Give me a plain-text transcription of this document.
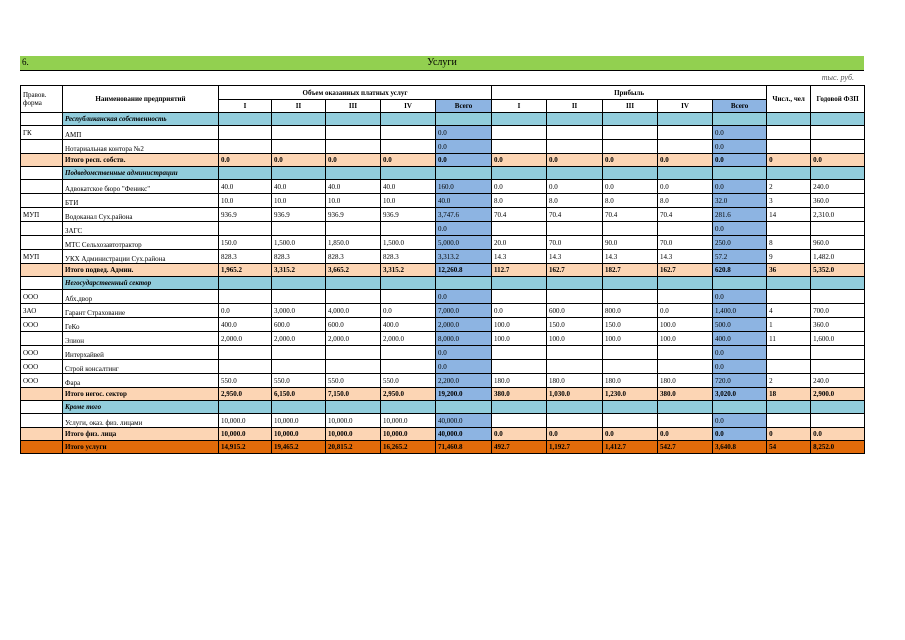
6.	Услуги
тыс. руб.
Правов. форма	Наименование предприятий	Объем оказанных платных услуг					Прибыль					Числ., чел	Годовой ФЗП
		I	II	III	IV	Всего	I	II	III	IV	Всего		
	Республиканская собственность												
ГК	АМП					0.0					0.0		
	Нотариальная контора №2					0.0					0.0		
	Итого респ. собств.	0.0	0.0	0.0	0.0	0.0	0.0	0.0	0.0	0.0	0.0	0	0.0
	Подведомственные администрации												
	Адвокатское бюро "Феникс"	40.0	40.0	40.0	40.0	160.0	0.0	0.0	0.0	0.0	0.0	2	240.0
	БТИ	10.0	10.0	10.0	10.0	40.0	8.0	8.0	8.0	8.0	32.0	3	360.0
МУП	Водоканал Сух.района	936.9	936.9	936.9	936.9	3,747.6	70.4	70.4	70.4	70.4	281.6	14	2,310.0
	ЗАГС					0.0					0.0		
	МТС Сельхозавтотрактор	150.0	1,500.0	1,850.0	1,500.0	5,000.0	20.0	70.0	90.0	70.0	250.0	8	960.0
МУП	УКХ Администрации Сух.района	828.3	828.3	828.3	828.3	3,313.2	14.3	14.3	14.3	14.3	57.2	9	1,482.0
	Итого подвед. Админ.	1,965.2	3,315.2	3,665.2	3,315.2	12,260.8	112.7	162.7	182.7	162.7	620.8	36	5,352.0
	Негосударственный сектор												
ООО	Абх.двор					0.0					0.0		
ЗАО	Гарант Страхование	0.0	3,000.0	4,000.0	0.0	7,000.0	0.0	600.0	800.0	0.0	1,400.0	4	700.0
ООО	ГеКо	400.0	600.0	600.0	400.0	2,000.0	100.0	150.0	150.0	100.0	500.0	1	360.0
	Элион	2,000.0	2,000.0	2,000.0	2,000.0	8,000.0	100.0	100.0	100.0	100.0	400.0	11	1,600.0
ООО	Интерхайвей					0.0					0.0		
ООО	Строй консалтинг					0.0					0.0		
ООО	Фара	550.0	550.0	550.0	550.0	2,200.0	180.0	180.0	180.0	180.0	720.0	2	240.0
	Итого негос. сектор	2,950.0	6,150.0	7,150.0	2,950.0	19,200.0	380.0	1,030.0	1,230.0	380.0	3,020.0	18	2,900.0
	Кроме того												
	Услуги, оказ. физ. лицами	10,000.0	10,000.0	10,000.0	10,000.0	40,000.0					0.0		
	Итого физ. лица	10,000.0	10,000.0	10,000.0	10,000.0	40,000.0	0.0	0.0	0.0	0.0	0.0	0	0.0
	Итого услуги	14,915.2	19,465.2	20,815.2	16,265.2	71,460.8	492.7	1,192.7	1,412.7	542.7	3,640.8	54	8,252.0
